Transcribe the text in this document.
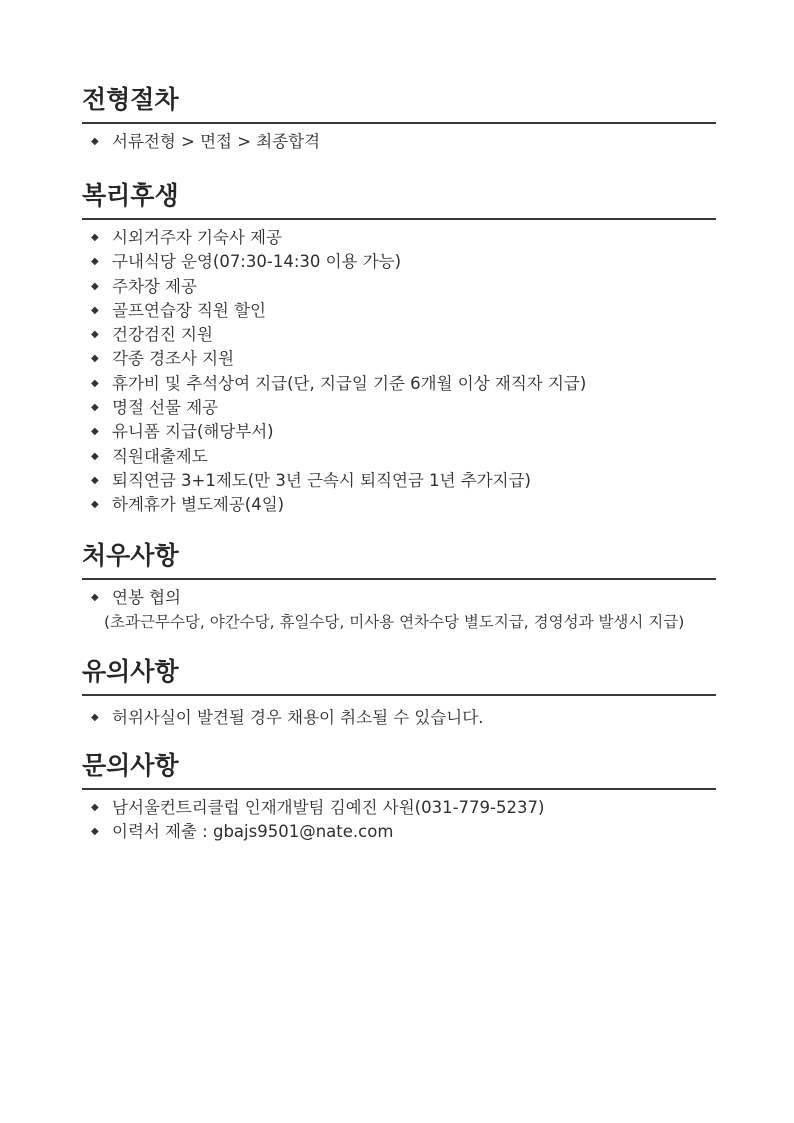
전형절차
◆ 서류전형 > 면접 > 최종합격
복리후생
◆ 시외거주자 기숙사 제공
◆ 구내식당 운영(07:30-14:30 이용 가능)
◆ 주차장 제공
◆ 골프연습장 직원 할인
◆ 건강검진 지원
◆ 각종 경조사 지원
◆ 휴가비 및 추석상여 지급(단, 지급일 기준 6개월 이상 재직자 지급)
◆ 명절 선물 제공
◆ 유니폼 지급(해당부서)
◆ 직원대출제도
◆ 퇴직연금 3+1제도(만 3년 근속시 퇴직연금 1년 추가지급)
◆ 하계휴가 별도제공(4일)
처우사항
◆ 연봉 협의
(초과근무수당, 야간수당, 휴일수당, 미사용 연차수당 별도지급, 경영성과 발생시 지급)
유의사항
◆ 허위사실이 발견될 경우 채용이 취소될 수 있습니다.
문의사항
◆ 남서울컨트리클럽 인재개발팀 김예진 사원(031-779-5237)
◆ 이력서 제출 : gbajs9501@nate.com
